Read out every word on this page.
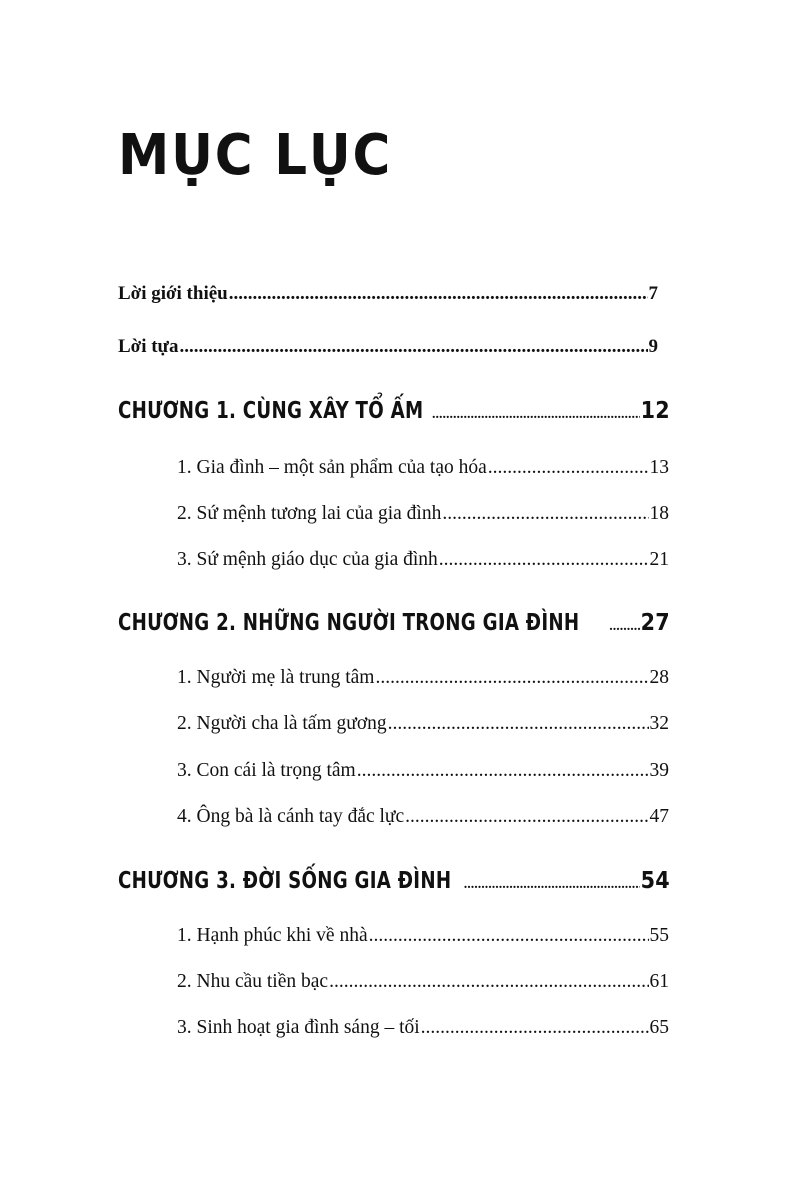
MỤC LỤC
Lời giới thiệu .....	7
Lời tựa .....	9
CHƯƠNG 1. CÙNG XÂY TỔ ẤM .....	12
1. Gia đình – một sản phẩm của tạo hóa .....	13
2. Sứ mệnh tương lai của gia đình .....	18
3. Sứ mệnh giáo dục của gia đình .....	21
CHƯƠNG 2. NHỮNG NGƯỜI TRONG GIA ĐÌNH .....	27
1. Người mẹ là trung tâm .....	28
2. Người cha là tấm gương .....	32
3. Con cái là trọng tâm .....	39
4. Ông bà là cánh tay đắc lực .....	47
CHƯƠNG 3. ĐỜI SỐNG GIA ĐÌNH .....	54
1. Hạnh phúc khi về nhà .....	55
2. Nhu cầu tiền bạc .....	61
3. Sinh hoạt gia đình sáng – tối .....	65
